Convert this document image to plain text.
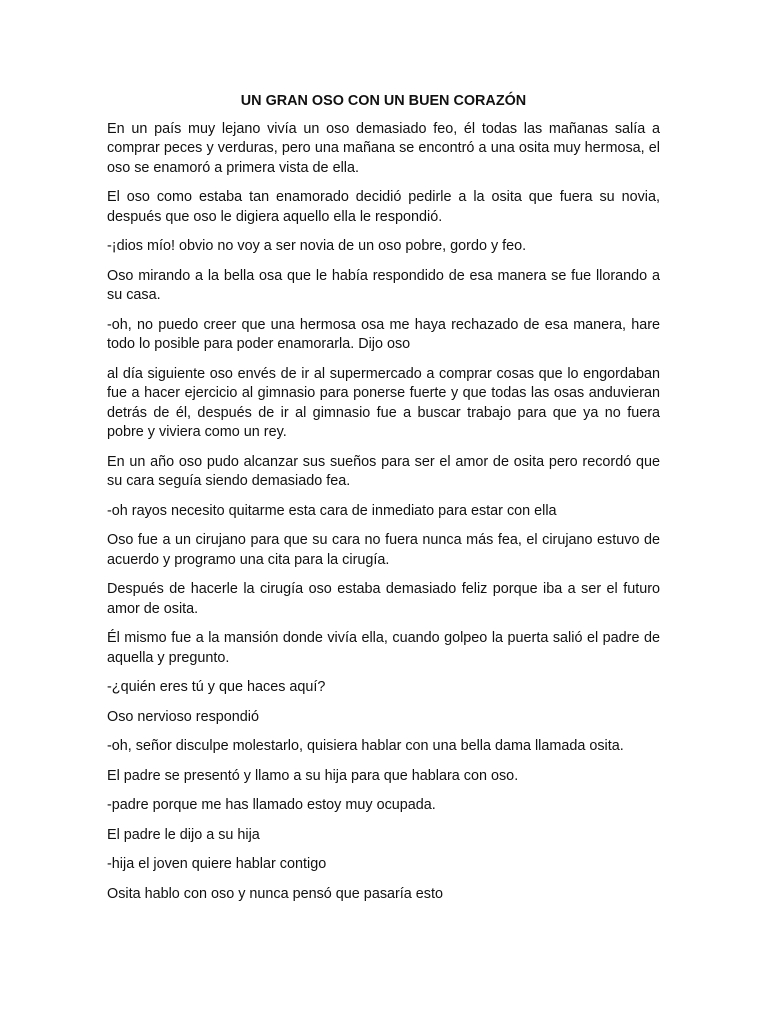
UN GRAN OSO CON UN BUEN CORAZÓN

En un país muy lejano vivía un oso demasiado feo, él todas las mañanas salía a comprar peces y verduras, pero una mañana se encontró a una osita muy hermosa, el oso se enamoró a primera vista de ella.

El oso como estaba tan enamorado decidió pedirle a la osita que fuera su novia, después que oso le digiera aquello ella le respondió.

-¡dios mío! obvio no voy a ser novia de un oso pobre, gordo y feo.

Oso mirando a la bella osa que le había respondido de esa manera se fue llorando a su casa.

-oh, no puedo creer que una hermosa osa me haya rechazado de esa manera, hare todo lo posible para poder enamorarla. Dijo oso

al día siguiente oso envés de ir al supermercado a comprar cosas que lo engordaban fue a hacer ejercicio al gimnasio para ponerse fuerte y que todas las osas anduvieran detrás de él, después de ir al gimnasio fue a buscar trabajo para que ya no fuera pobre y viviera como un rey.

En un año oso pudo alcanzar sus sueños para ser el amor de osita pero recordó que su cara seguía siendo demasiado fea.

-oh rayos necesito quitarme esta cara de inmediato para estar con ella

Oso fue a un cirujano para que su cara no fuera nunca más fea, el cirujano estuvo de acuerdo y programo una cita para la cirugía.

Después de hacerle la cirugía oso estaba demasiado feliz porque iba a ser el futuro amor de osita.

Él mismo fue a la mansión donde vivía ella, cuando golpeo la puerta salió el padre de aquella y pregunto.

-¿quién eres tú y que haces aquí?

Oso nervioso respondió

-oh, señor disculpe molestarlo, quisiera hablar con una bella dama llamada osita.

El padre se presentó y llamo a su hija para que hablara con oso.

-padre porque me has llamado estoy muy ocupada.

El padre le dijo a su hija

-hija el joven quiere hablar contigo

Osita hablo con oso y nunca pensó que pasaría esto
